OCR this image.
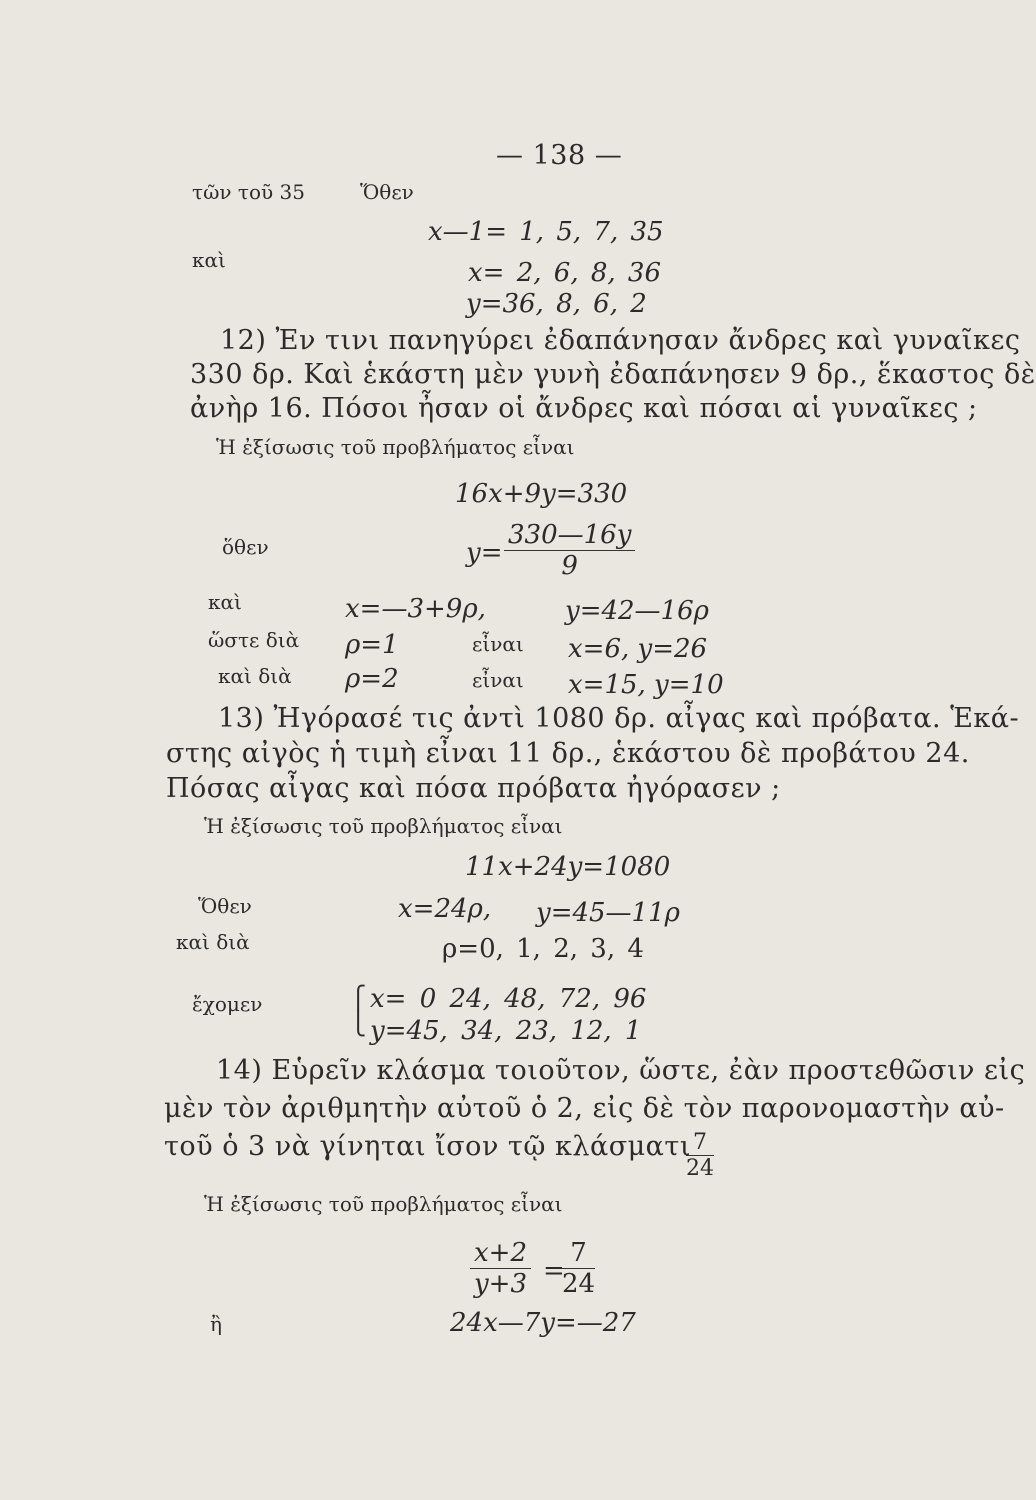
— 138 —
τῶν τοῦ 35	Ὅθεν
x—1= 1, 5, 7, 35
καὶ	x= 2, 6, 8, 36
y=36, 8, 6, 2
12) Ἐν τινι πανηγύρει ἐδαπάνησαν ἄνδρες καὶ γυναῖκες
330 δρ. Καὶ ἑκάστη μὲν γυνὴ ἐδαπάνησεν 9 δρ., ἕκαστος δὲ
ἀνὴρ 16. Πόσοι ἦσαν οἱ ἄνδρες καὶ πόσαι αἱ γυναῖκες ;
Ἡ ἐξίσωσις τοῦ προβλήματος εἶναι
16x+9y=330
ὅθεν	$y= \frac{330—16y}{9}$
καὶ	x=—3+9ρ,	y=42—16ρ
ὥστε διὰ ρ=1	εἶναι x=6, y=26
καὶ διὰ ρ=2	εἶναι x=15, y=10
13) Ἠγόρασέ τις ἀντὶ 1080 δρ. αἶγας καὶ πρόβατα. Ἑκά-
στης αἰγὸς ἡ τιμὴ εἶναι 11 δρ., ἑκάστου δὲ προβάτου 24.
Πόσας αἶγας καὶ πόσα πρόβατα ἠγόρασεν ;
Ἡ ἐξίσωσις τοῦ προβλήματος εἶναι
11x+24y=1080
Ὅθεν	x=24ρ, y=45—11ρ
καὶ διὰ	ρ=0, 1, 2, 3, 4
ἔχομεν	⎧
⎩
x= 0 24, 48, 72, 96
y=45, 34, 23, 12, 1
14) Εὑρεῖν κλάσμα τοιοῦτον, ὥστε, ἐὰν προστεθῶσιν εἰς
μὲν τὸν ἀριθμητὴν αὐτοῦ ὁ 2, εἰς δὲ τὸν παρονομαστὴν αὐ-
τοῦ ὁ 3 νὰ γίνηται ἴσον τῷ κλάσματι
$\frac{7}{24}$
Ἡ ἐξίσωσις τοῦ προβλήματος εἶναι
$\frac{x+2}{y+3}$ =
$\frac{7}{24}$
ἢ	24x—7y=—27
